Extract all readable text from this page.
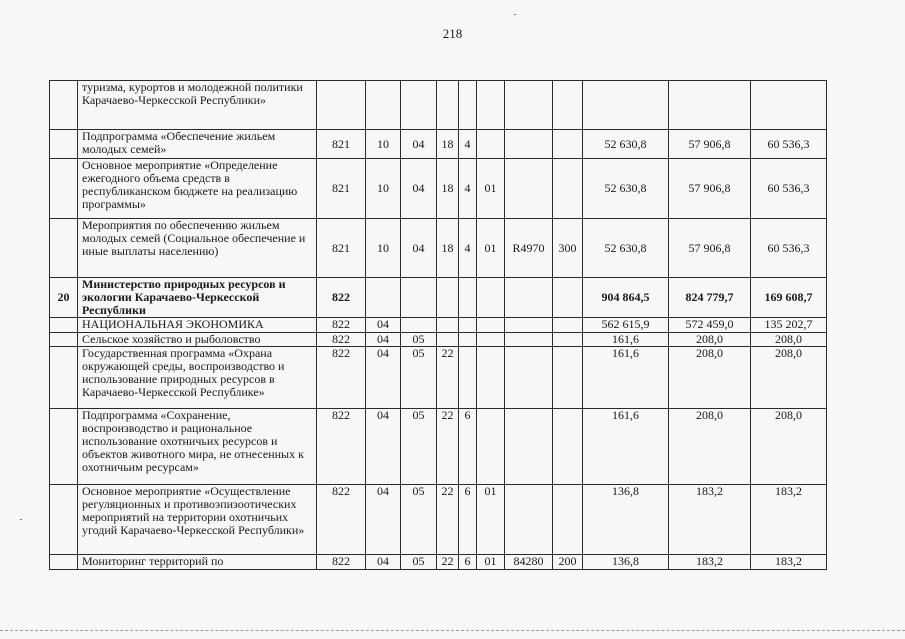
218
	туризма, курортов и молодежной политики Карачаево-Черкесской Республики»											
	Подпрограмма «Обеспечение жильем молодых семей»	821	10	04	18	4				52 630,8	57 906,8	60 536,3
	Основное мероприятие «Определение ежегодного объема средств в республиканском бюджете на реализацию программы»	821	10	04	18	4	01			52 630,8	57 906,8	60 536,3
	Мероприятия по обеспечению жильем молодых семей (Социальное обеспечение и иные выплаты населению)	821	10	04	18	4	01	R4970	300	52 630,8	57 906,8	60 536,3
20	Министерство природных ресурсов и экологии Карачаево-Черкесской Республики	822								904 864,5	824 779,7	169 608,7
	НАЦИОНАЛЬНАЯ ЭКОНОМИКА	822	04							562 615,9	572 459,0	135 202,7
	Сельское хозяйство и рыболовство	822	04	05						161,6	208,0	208,0
	Государственная программа «Охрана окружающей среды, воспроизводство и использование природных ресурсов в Карачаево-Черкесской Республике»	822	04	05	22					161,6	208,0	208,0
	Подпрограмма «Сохранение, воспроизводство и рациональное использование охотничьих ресурсов и объектов животного мира, не отнесенных к охотничьим ресурсам»	822	04	05	22	6				161,6	208,0	208,0
	Основное мероприятие «Осуществление регуляционных и противоэпизоотических мероприятий на территории охотничьих угодий Карачаево-Черкесской Республики»	822	04	05	22	6	01			136,8	183,2	183,2
	Мониторинг территорий по	822	04	05	22	6	01	84280	200	136,8	183,2	183,2
